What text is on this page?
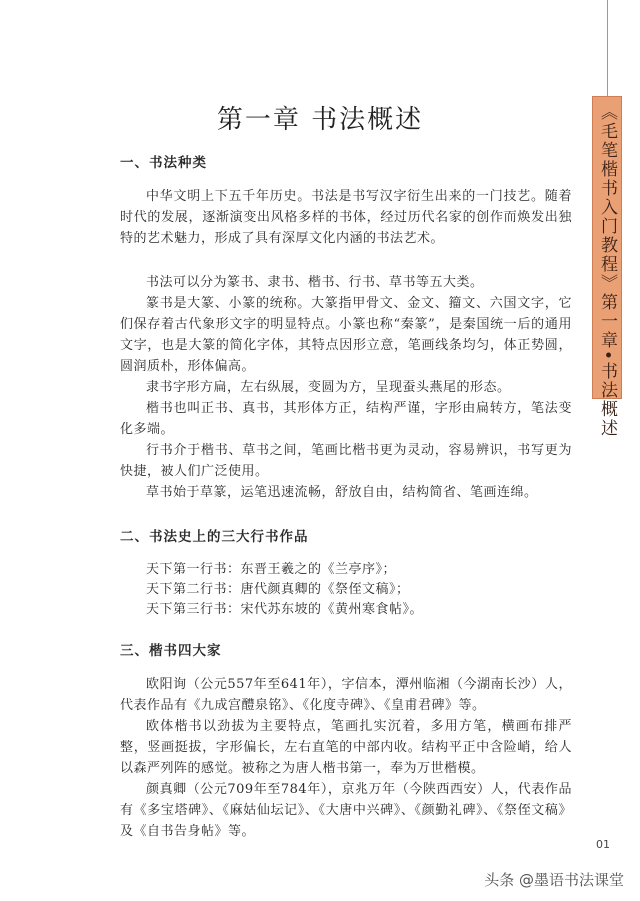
《毛笔楷书入门教程》第一章•书法概述
第一章 书法概述
一、书法种类

中华文明上下五千年历史。书法是书写汉字衍生出来的一门技艺。随着时代的发展，逐渐演变出风格多样的书体，经过历代名家的创作而焕发出独特的艺术魅力，形成了具有深厚文化内涵的书法艺术。

书法可以分为篆书、隶书、楷书、行书、草书等五大类。

篆书是大篆、小篆的统称。大篆指甲骨文、金文、籀文、六国文字，它们保存着古代象形文字的明显特点。小篆也称“秦篆”，是秦国统一后的通用文字，也是大篆的简化字体，其特点因形立意，笔画线条均匀，体正势圆，圆润质朴，形体偏高。

隶书字形方扁，左右纵展，变圆为方，呈现蚕头燕尾的形态。

楷书也叫正书、真书，其形体方正，结构严谨，字形由扁转方，笔法变化多端。

行书介于楷书、草书之间，笔画比楷书更为灵动，容易辨识，书写更为快捷，被人们广泛使用。

草书始于草篆，运笔迅速流畅，舒放自由，结构简省、笔画连绵。

二、书法史上的三大行书作品
天下第一行书：东晋王羲之的《兰亭序》；
天下第二行书：唐代颜真卿的《祭侄文稿》；
天下第三行书：宋代苏东坡的《黄州寒食帖》。
三、楷书四大家

欧阳询（公元557年至641年），字信本，潭州临湘（今湖南长沙）人，代表作品有《九成宫醴泉铭》、《化度寺碑》、《皇甫君碑》等。

欧体楷书以劲拔为主要特点，笔画扎实沉着，多用方笔，横画布排严整，竖画挺拔，字形偏长，左右直笔的中部内收。结构平正中含险峭，给人以森严列阵的感觉。被称之为唐人楷书第一，奉为万世楷模。

颜真卿（公元709年至784年），京兆万年（今陕西西安）人，代表作品有《多宝塔碑》、《麻姑仙坛记》、《大唐中兴碑》、《颜勤礼碑》、《祭侄文稿》及《自书告身帖》等。

01
头条 @墨语书法课堂
